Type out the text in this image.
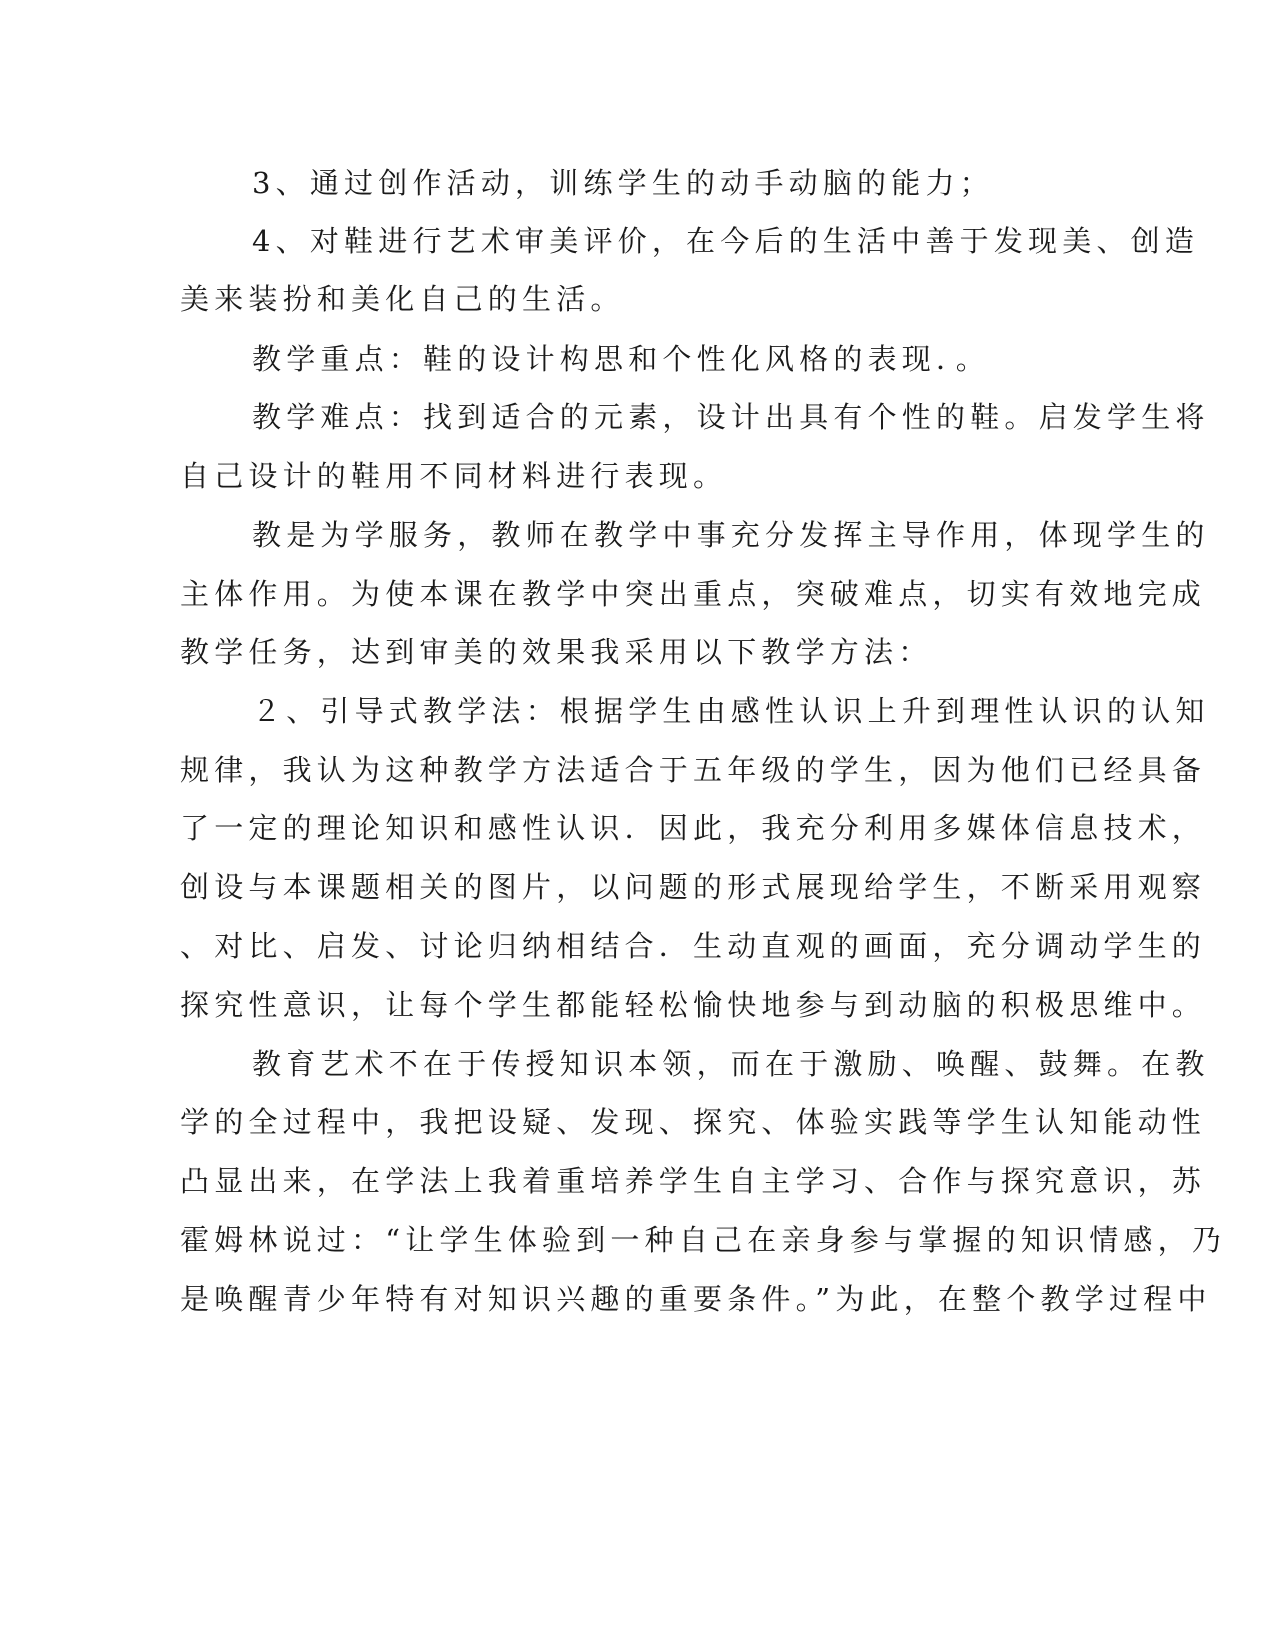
3、通过创作活动，训练学生的动手动脑的能力；

4、对鞋进行艺术审美评价，在今后的生活中善于发现美、创造

美来装扮和美化自己的生活。

教学重点：鞋的设计构思和个性化风格的表现．。

教学难点：找到适合的元素，设计出具有个性的鞋。启发学生将

自己设计的鞋用不同材料进行表现。

教是为学服务，教师在教学中事充分发挥主导作用，体现学生的

主体作用。为使本课在教学中突出重点，突破难点，切实有效地完成

教学任务，达到审美的效果我采用以下教学方法：

２、引导式教学法：根据学生由感性认识上升到理性认识的认知

规律，我认为这种教学方法适合于五年级的学生，因为他们已经具备

了一定的理论知识和感性认识．因此，我充分利用多媒体信息技术，

创设与本课题相关的图片，以问题的形式展现给学生，不断采用观察

、对比、启发、讨论归纳相结合．生动直观的画面，充分调动学生的

探究性意识，让每个学生都能轻松愉快地参与到动脑的积极思维中。

教育艺术不在于传授知识本领，而在于激励、唤醒、鼓舞。在教

学的全过程中，我把设疑、发现、探究、体验实践等学生认知能动性

凸显出来，在学法上我着重培养学生自主学习、合作与探究意识，苏

霍姆林说过：“让学生体验到一种自己在亲身参与掌握的知识情感，乃

是唤醒青少年特有对知识兴趣的重要条件。”为此，在整个教学过程中
